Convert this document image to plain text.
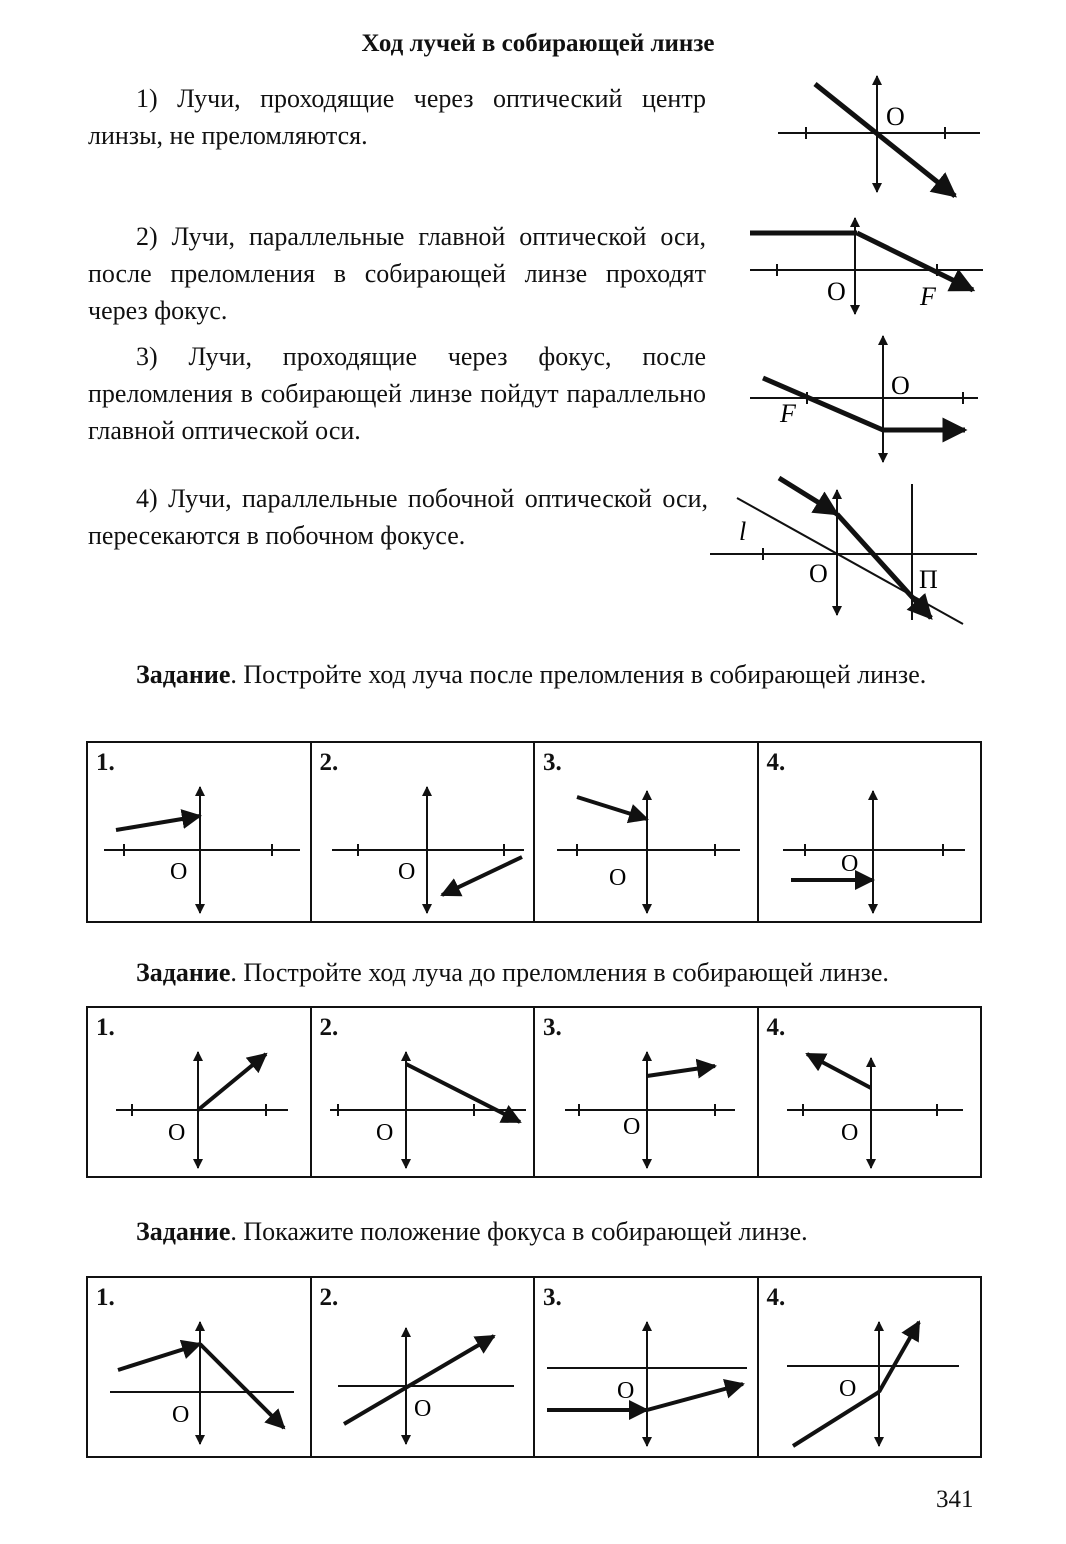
Ход лучей в собирающей линзе
1) Лучи, проходящие через оптический центр линзы, не преломляются.
2) Лучи, параллельные главной оптической оси, после преломления в собирающей линзе проходят через фокус.
3) Лучи, проходящие через фокус, после преломления в собирающей линзе пойдут параллельно главной оптической оси.
4) Лучи, параллельные побочной оптической оси, пересекаются в побочном фокусе.
O
O	F
O
F
l
O	П
Задание. Постройте ход луча после преломления в собирающей линзе.
1.
O
2.
O
3.
O
4.
O
Задание. Постройте ход луча до преломления в собирающей линзе.
1.
O
2.
O
3.
O
4.
O
Задание. Покажите положение фокуса в собирающей линзе.
1.
O
2.
O
3.
O
4.
O
341
